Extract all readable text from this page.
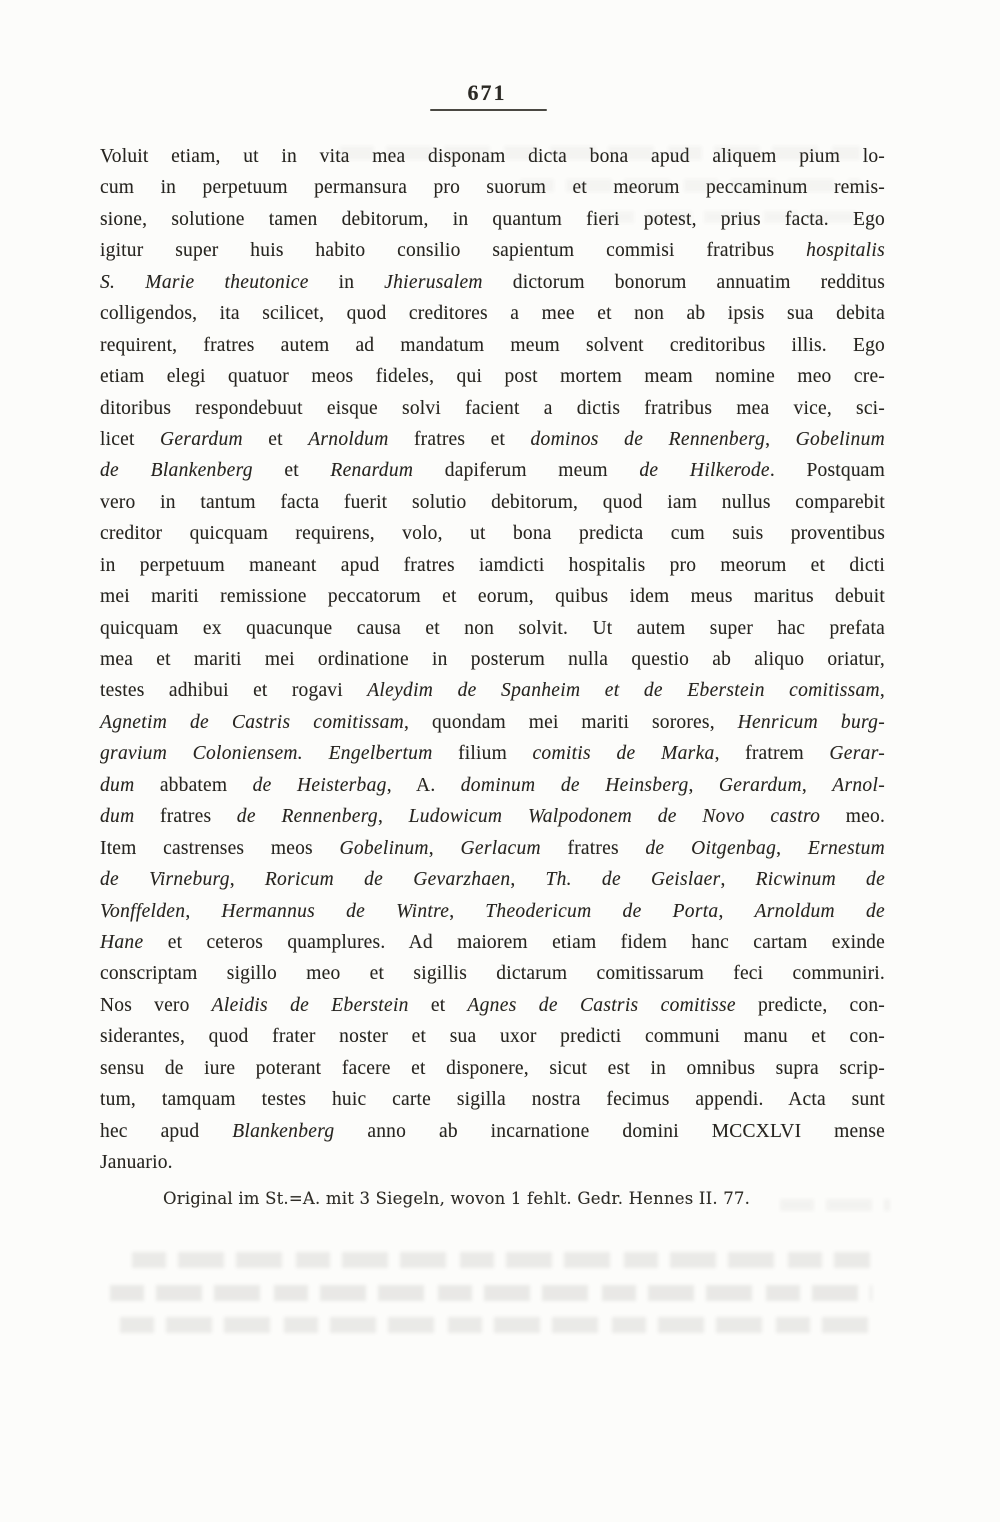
671
Voluit etiam, ut in vita mea disponam dicta bona apud aliquem pium lo-
cum in perpetuum permansura pro suorum et meorum peccaminum remis-
sione, solutione tamen debitorum, in quantum fieri potest, prius facta. Ego
igitur super huis habito consilio sapientum commisi fratribus hospitalis
S. Marie theutonice in Jhierusalem dictorum bonorum annuatim redditus
colligendos, ita scilicet, quod creditores a mee et non ab ipsis sua debita
requirent, fratres autem ad mandatum meum solvent creditoribus illis. Ego
etiam elegi quatuor meos fideles, qui post mortem meam nomine meo cre-
ditoribus respondebuut eisque solvi facient a dictis fratribus mea vice, sci-
licet Gerardum et Arnoldum fratres et dominos de Rennenberg, Gobelinum
de Blankenberg et Renardum dapiferum meum de Hilkerode. Postquam
vero in tantum facta fuerit solutio debitorum, quod iam nullus comparebit
creditor quicquam requirens, volo, ut bona predicta cum suis proventibus
in perpetuum maneant apud fratres iamdicti hospitalis pro meorum et dicti
mei mariti remissione peccatorum et eorum, quibus idem meus maritus debuit
quicquam ex quacunque causa et non solvit. Ut autem super hac prefata
mea et mariti mei ordinatione in posterum nulla questio ab aliquo oriatur,
testes adhibui et rogavi Aleydim de Spanheim et de Eberstein comitissam,
Agnetim de Castris comitissam, quondam mei mariti sorores, Henricum burg-
gravium Coloniensem. Engelbertum filium comitis de Marka, fratrem Gerar-
dum abbatem de Heisterbag, A. dominum de Heinsberg, Gerardum, Arnol-
dum fratres de Rennenberg, Ludowicum Walpodonem de Novo castro meo.
Item castrenses meos Gobelinum, Gerlacum fratres de Oitgenbag, Ernestum
de Virneburg, Roricum de Gevarzhaen, Th. de Geislaer, Ricwinum de
Vonffelden, Hermannus de Wintre, Theodericum de Porta, Arnoldum de
Hane et ceteros quamplures. Ad maiorem etiam fidem hanc cartam exinde
conscriptam sigillo meo et sigillis dictarum comitissarum feci communiri.
Nos vero Aleidis de Eberstein et Agnes de Castris comitisse predicte, con-
siderantes, quod frater noster et sua uxor predicti communi manu et con-
sensu de iure poterant facere et disponere, sicut est in omnibus supra scrip-
tum, tamquam testes huic carte sigilla nostra fecimus appendi. Acta sunt
hec apud Blankenberg anno ab incarnatione domini MCCXLVI mense
Januario.
Original im St.=A. mit 3 Siegeln, wovon 1 fehlt. Gedr. Hennes II. 77.
